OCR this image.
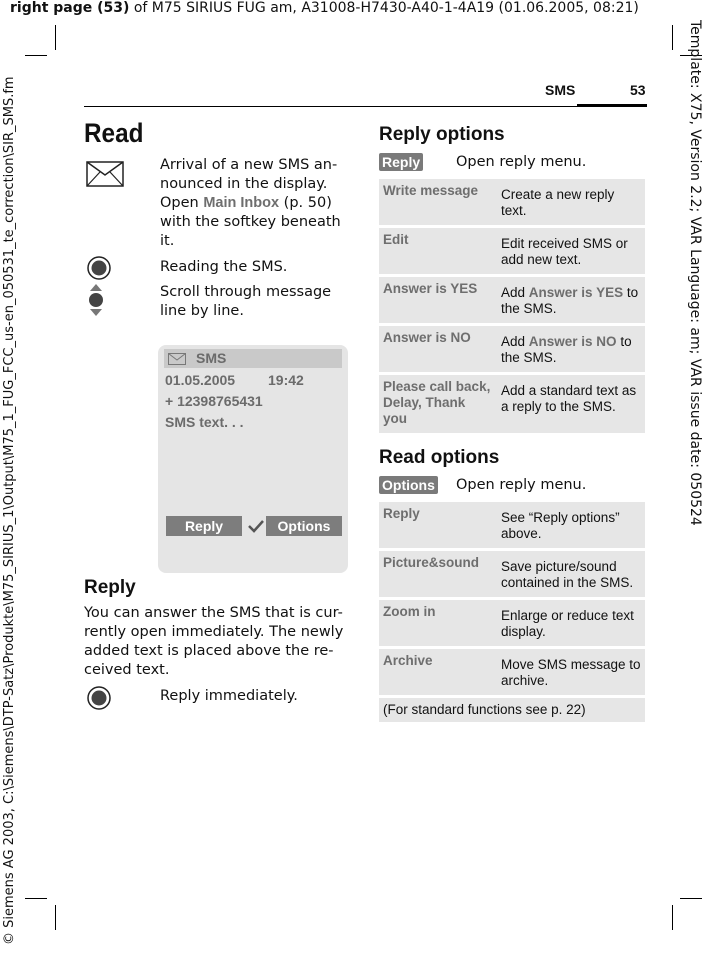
right page (53) of M75 SIRIUS FUG am, A31008-H7430-A40-1-4A19 (01.06.2005, 08:21)
Template: X75, Version 2.2; VAR Language: am; VAR issue date: 050524
© Siemens AG 2003, C:\Siemens\DTP-Satz\Produkte\M75_SIRIUS_1\Output\M75_1_FUG_FCC_us-en_050531_te_correction\SIR_SMS.fm	SMS	53
Read
Arrival of a new SMS an-
nounced in the display.
Open Main Inbox (p. 50)
with the softkey beneath
it.
Reading the SMS.
Scroll through message
line by line.
SMS
01.05.2005 19:42
+ 12398765431
SMS text. . .
Reply	Options
Reply
You can answer the SMS that is cur-
rently open immediately. The newly
added text is placed above the re-
ceived text.
Reply immediately.
Reply options
Reply Open reply menu.
Write message	Create a new reply text.
Edit	Edit received SMS or add new text.
Answer is YES	Add Answer is YES to the SMS.
Answer is NO	Add Answer is NO to the SMS.
Please call back, Delay, Thank you	Add a standard text as a reply to the SMS.
Read options
Options Open reply menu.
Reply	See “Reply options” above.
Picture&sound	Save picture/sound contained in the SMS.
Zoom in	Enlarge or reduce text display.
Archive	Move SMS message to archive.
(For standard functions see p. 22)	
